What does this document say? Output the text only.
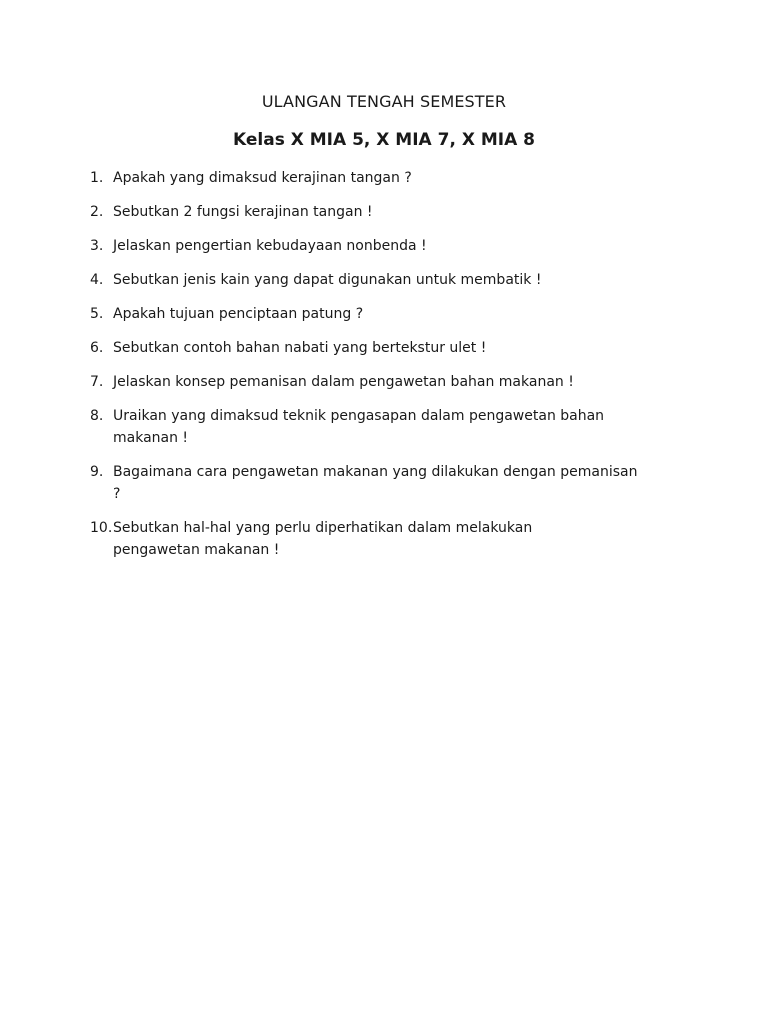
ULANGAN TENGAH SEMESTER
Kelas X MIA 5, X MIA 7, X MIA 8
1. Apakah yang dimaksud kerajinan tangan ?
2. Sebutkan 2 fungsi kerajinan tangan !
3. Jelaskan pengertian kebudayaan nonbenda !
4. Sebutkan jenis kain yang dapat digunakan untuk membatik !
5. Apakah tujuan penciptaan patung ?
6. Sebutkan contoh bahan nabati yang bertekstur ulet !
7. Jelaskan konsep pemanisan dalam pengawetan bahan makanan !
8. Uraikan yang dimaksud teknik pengasapan dalam pengawetan bahan
makanan !
9. Bagaimana cara pengawetan makanan yang dilakukan dengan pemanisan
?
10. Sebutkan hal-hal yang perlu diperhatikan dalam melakukan
pengawetan makanan !
